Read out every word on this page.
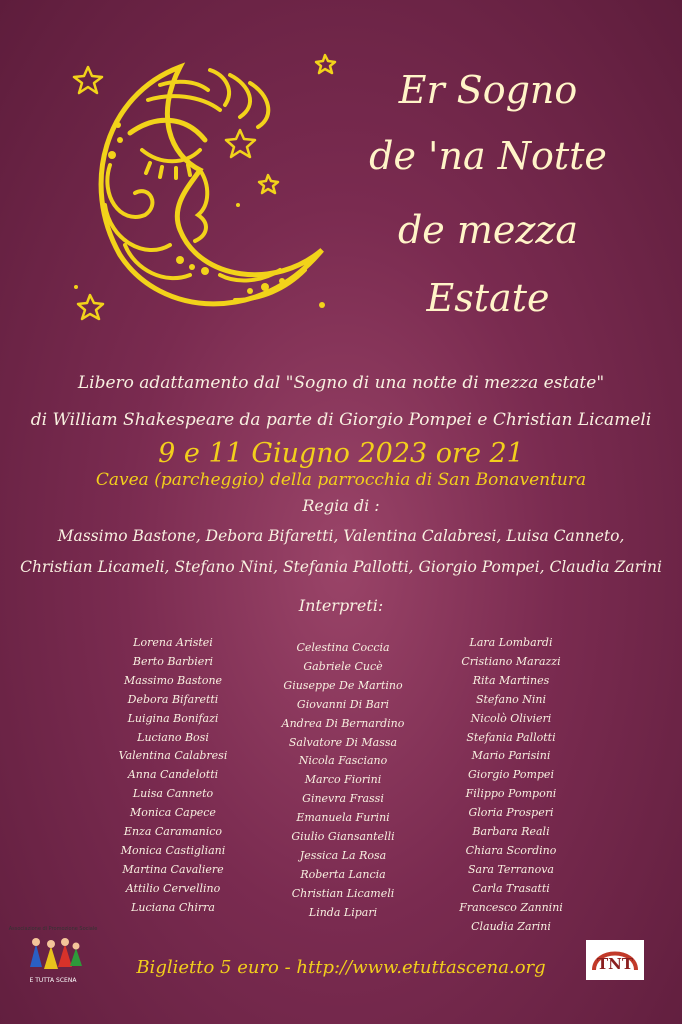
Er Sogno
de 'na Notte
de mezza
Estate
Libero adattamento dal "Sogno di una notte di mezza estate"
di William Shakespeare da parte di Giorgio Pompei e Christian Licameli
9 e 11 Giugno 2023 ore 21
Cavea (parcheggio) della parrocchia di San Bonaventura
Regia di :
Massimo Bastone, Debora Bifaretti, Valentina Calabresi, Luisa Canneto,
Christian Licameli, Stefano Nini, Stefania Pallotti, Giorgio Pompei, Claudia Zarini
Interpreti:
Lorena Aristei
Berto Barbieri
Massimo Bastone
Debora Bifaretti
Luigina Bonifazi
Luciano Bosi
Valentina Calabresi
Anna Candelotti
Luisa Canneto
Monica Capece
Enza Caramanico
Monica Castigliani
Martina Cavaliere
Attilio Cervellino
Luciana Chirra
Celestina Coccia
Gabriele Cucè
Giuseppe De Martino
Giovanni Di Bari
Andrea Di Bernardino
Salvatore Di Massa
Nicola Fasciano
Marco Fiorini
Ginevra Frassi
Emanuela Furini
Giulio Giansantelli
Jessica La Rosa
Roberta Lancia
Christian Licameli
Linda Lipari
Lara Lombardi
Cristiano Marazzi
Rita Martines
Stefano Nini
Nicolò Olivieri
Stefania Pallotti
Mario Parisini
Giorgio Pompei
Filippo Pomponi
Gloria Prosperi
Barbara Reali
Chiara Scordino
Sara Terranova
Carla Trasatti
Francesco Zannini
Claudia Zarini
Biglietto 5 euro - http://www.etuttascena.org
Associazione di Promozione Sociale
E TUTTA SCENA
TNT
